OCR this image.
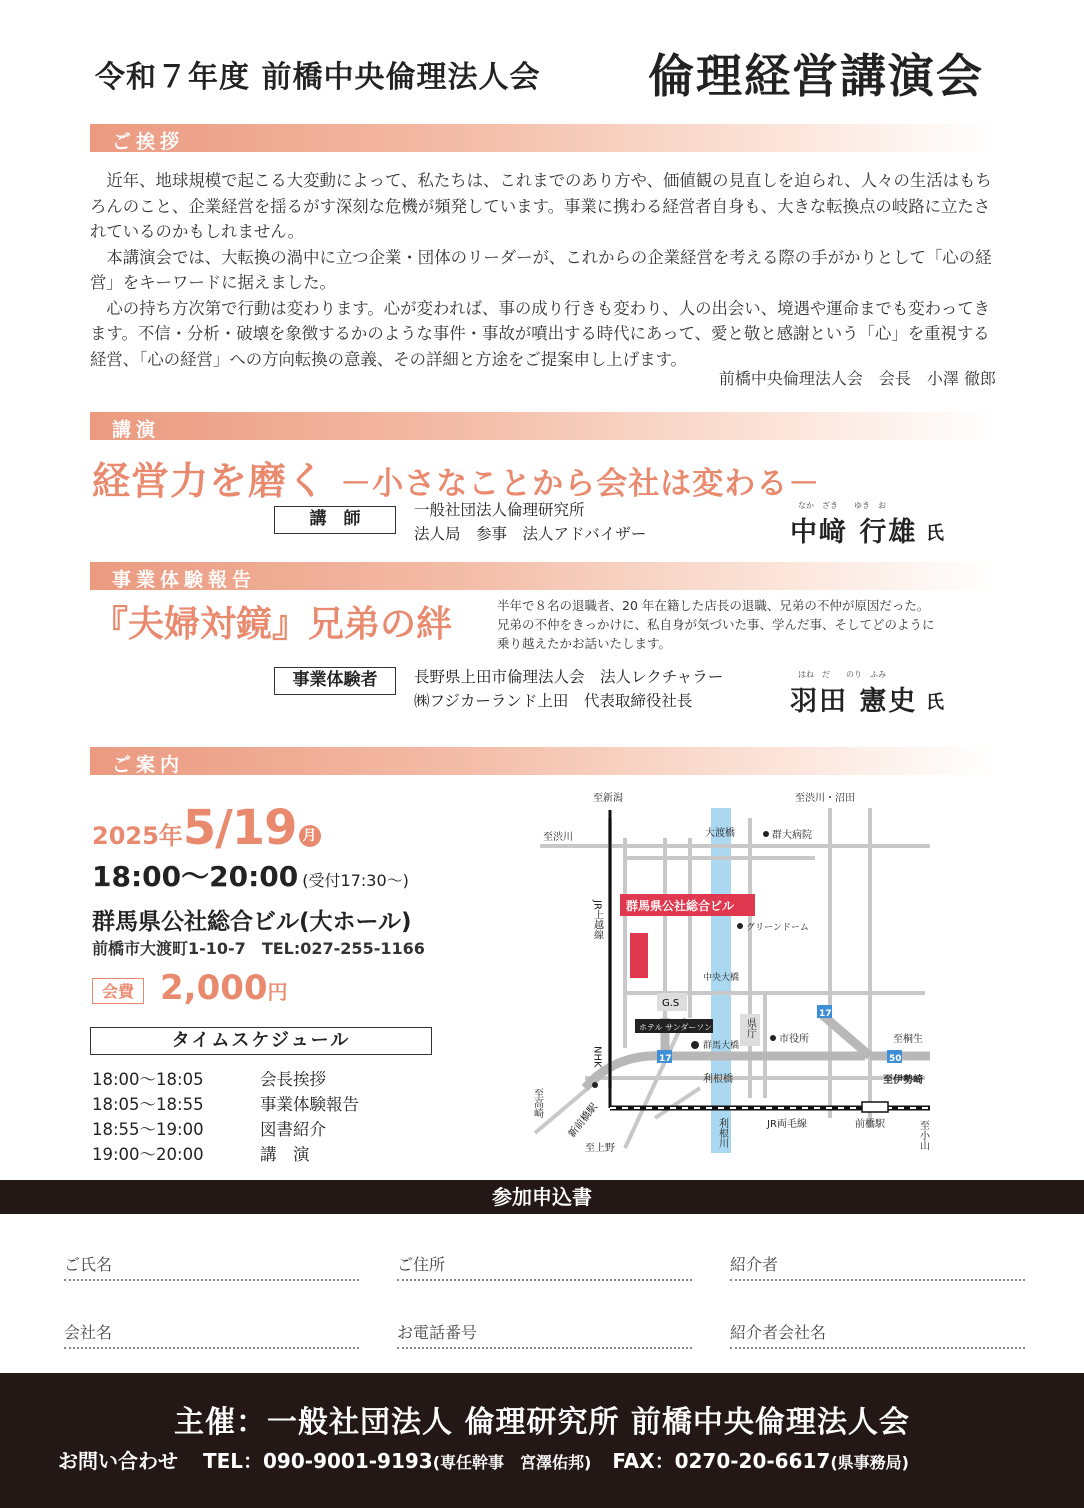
令和７年度 前橋中央倫理法人会 倫理経営講演会
ご挨拶

近年、地球規模で起こる大変動によって、私たちは、これまでのあり方や、価値観の見直しを迫られ、人々の生活はもちろんのこと、企業経営を揺るがす深刻な危機が頻発しています。事業に携わる経営者自身も、大きな転換点の岐路に立たされているのかもしれません。

本講演会では、大転換の渦中に立つ企業・団体のリーダーが、これからの企業経営を考える際の手がかりとして「心の経営」をキーワードに据えました。

心の持ち方次第で行動は変わります。心が変われば、事の成り行きも変わり、人の出会い、境遇や運命までも変わってきます。不信・分析・破壊を象徴するかのような事件・事故が噴出する時代にあって、愛と敬と感謝という「心」を重視する経営、「心の経営」への方向転換の意義、その詳細と方途をご提案申し上げます。

前橋中央倫理法人会　会長　小澤 徹郎
講演
経営力を磨く －小さなことから会社は変わる－
講　師	一般社団法人倫理研究所
法人局　参事　法人アドバイザー
なか　ざき　　ゆき　お
中﨑 行雄 氏
事業体験報告
『夫婦対鏡』兄弟の絆	半年で８名の退職者、20 年在籍した店長の退職、兄弟の不仲が原因だった。
兄弟の不仲をきっかけに、私自身が気づいた事、学んだ事、そしてどのように
乗り越えたかお話いたします。
事業体験者	長野県上田市倫理法人会　法人レクチャラー
㈱フジカーランド上田　代表取締役社長
はね　だ　　のり　ふみ
羽田 憲史 氏
ご案内
2025年5/19 月
18:00～20:00 (受付17:30～)
群馬県公社総合ビル(大ホール)
前橋市大渡町1-10-7　TEL:027-255-1166
会費 2,000円
タイムスケジュール
18:00～18:05	会長挨拶
18:05～18:55	事業体験報告
18:55～19:00	図書紹介
19:00～20:00	講　演
群馬県公社総合ビル
ホテル サンダーソン
17
17	50
G.S
至新潟	至渋川・沼田
至渋川	大渡橋	群大病院
グリーンドーム
中央大橋
群馬大橋
市役所	至桐生
至伊勢崎
利根橋
JR両毛線	前橋駅
至上野
JR上越線
NHK
至高崎
利根川	至小山
県庁
新前橋駅
参加申込書
ご氏名	ご住所	紹介者
会社名	お電話番号	紹介者会社名
主催：一般社団法人 倫理研究所 前橋中央倫理法人会
お問い合わせ TEL：090-9001-9193(専任幹事　宮澤佑邦) FAX：0270-20-6617(県事務局)
